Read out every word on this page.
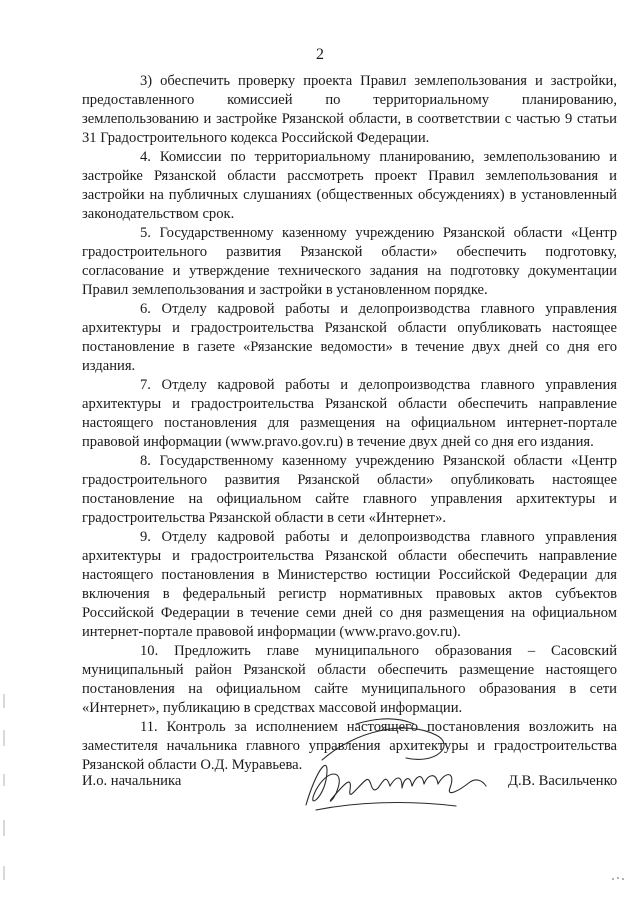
2

3) обеспечить проверку проекта Правил землепользования и застройки, предоставленного комиссией по территориальному планированию, землепользованию и застройке Рязанской области, в соответствии с частью 9 статьи 31 Градостроительного кодекса Российской Федерации.

4. Комиссии по территориальному планированию, землепользованию и застройке Рязанской области рассмотреть проект Правил землепользования и застройки на публичных слушаниях (общественных обсуждениях) в установленный законодательством срок.

5. Государственному казенному учреждению Рязанской области «Центр градостроительного развития Рязанской области» обеспечить подготовку, согласование и утверждение технического задания на подготовку документации Правил землепользования и застройки в установленном порядке.

6. Отделу кадровой работы и делопроизводства главного управления архитектуры и градостроительства Рязанской области опубликовать настоящее постановление в газете «Рязанские ведомости» в течение двух дней со дня его издания.

7. Отделу кадровой работы и делопроизводства главного управления архитектуры и градостроительства Рязанской области обеспечить направление настоящего постановления для размещения на официальном интернет-портале правовой информации (www.pravo.gov.ru) в течение двух дней со дня его издания.

8. Государственному казенному учреждению Рязанской области «Центр градостроительного развития Рязанской области» опубликовать настоящее постановление на официальном сайте главного управления архитектуры и градостроительства Рязанской области в сети «Интернет».

9. Отделу кадровой работы и делопроизводства главного управления архитектуры и градостроительства Рязанской области обеспечить направление настоящего постановления в Министерство юстиции Российской Федерации для включения в федеральный регистр нормативных правовых актов субъектов Российской Федерации в течение семи дней со дня размещения на официальном интернет-портале правовой информации (www.pravo.gov.ru).

10. Предложить главе муниципального образования – Сасовский муниципальный район Рязанской области обеспечить размещение настоящего постановления на официальном сайте муниципального образования в сети «Интернет», публикацию в средствах массовой информации.

11. Контроль за исполнением настоящего постановления возложить на заместителя начальника главного управления архитектуры и градостроительства Рязанской области О.Д. Муравьева.

И.о. начальника	Д.В. Васильченко
